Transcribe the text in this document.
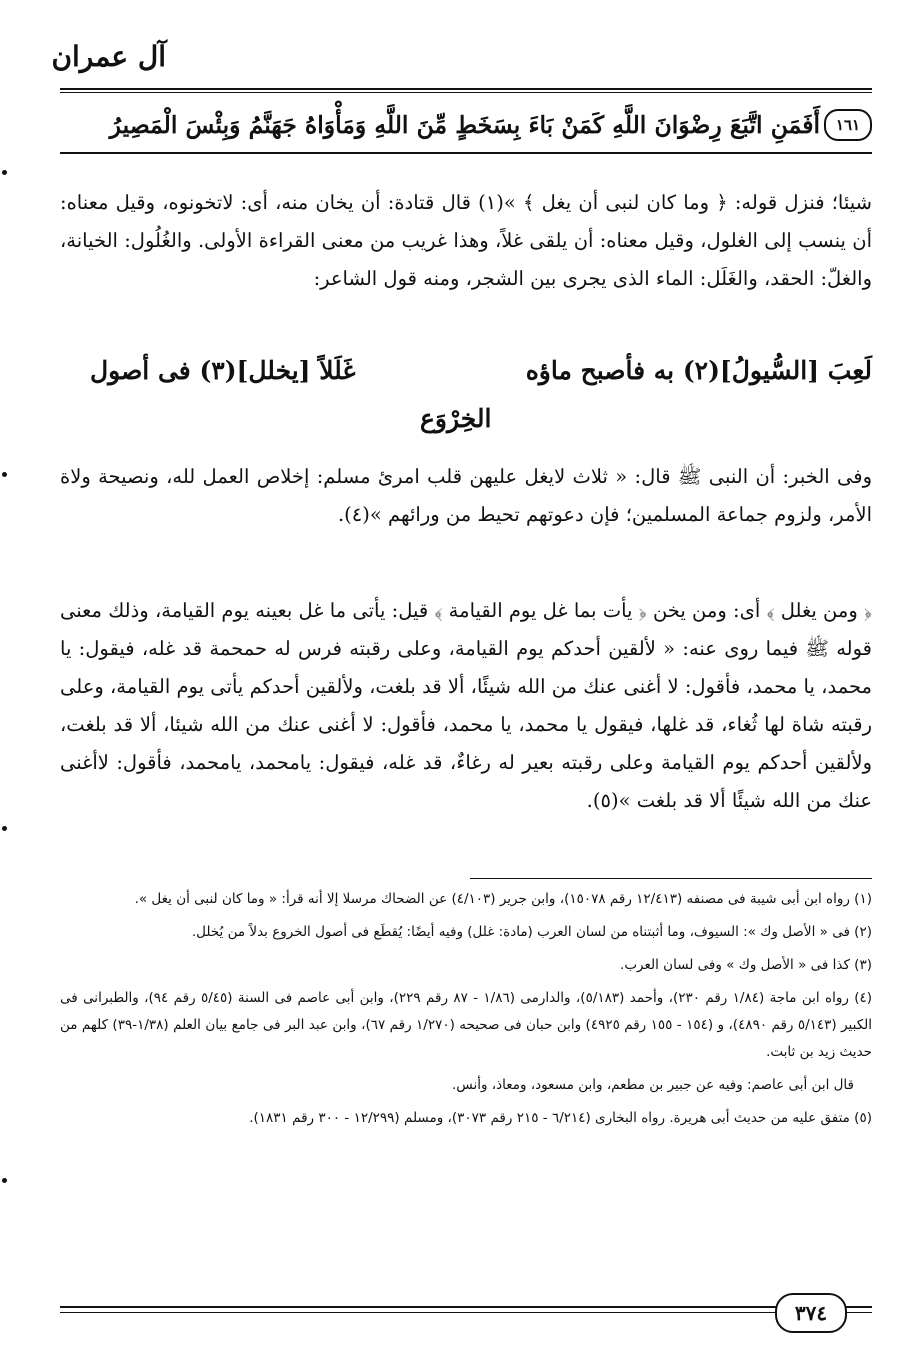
آل عمران
١٦١
أَفَمَنِ اتَّبَعَ رِضْوَانَ اللَّهِ كَمَنْ بَاءَ بِسَخَطٍ مِّنَ اللَّهِ وَمَأْوَاهُ جَهَنَّمُ وَبِئْسَ الْمَصِيرُ

شيئا؛ فنزل قوله: ﴿ وما كان لنبى أن يغل ﴾ »(١) قال قتادة: أن يخان منه، أى: لاتخونوه، وقيل معناه: أن ينسب إلى الغلول، وقيل معناه: أن يلقى غلاً، وهذا غريب من معنى القراءة الأولى. والغُلُول: الخيانة، والغلّ: الحقد، والغَلَل: الماء الذى يجرى بين الشجر، ومنه قول الشاعر:

لَعِبَ [السُّيولُ](٢) به فأصبح ماؤه
غَلَلاً [يخلل](٣) فى أصول
الخِرْوَع

وفى الخبر: أن النبى ﷺ قال: « ثلاث لايغل عليهن قلب امرئ مسلم: إخلاص العمل لله، ونصيحة ولاة الأمر، ولزوم جماعة المسلمين؛ فإن دعوتهم تحيط من ورائهم »(٤).

﴿ ومن يغلل ﴾ أى: ومن يخن ﴿ يأت بما غل يوم القيامة ﴾ قيل: يأتى ما غل بعينه يوم القيامة، وذلك معنى قوله ﷺ فيما روى عنه: « لألقين أحدكم يوم القيامة، وعلى رقبته فرس له حمحمة قد غله، فيقول: يا محمد، يا محمد، فأقول: لا أغنى عنك من الله شيئًا، ألا قد بلغت، ولألقين أحدكم يأتى يوم القيامة، وعلى رقبته شاة لها ثُغاء، قد غلها، فيقول يا محمد، يا محمد، فأقول: لا أغنى عنك من الله شيئا، ألا قد بلغت، ولألقين أحدكم يوم القيامة وعلى رقبته بعير له رغاءٌ، قد غله، فيقول: يامحمد، يامحمد، فأقول: لاأغنى عنك من الله شيئًا ألا قد بلغت »(٥).

(١) رواه ابن أبى شيبة فى مصنفه (١٢/٤١٣ رقم ١٥٠٧٨)، وابن جرير (٤/١٠٣) عن الضحاك مرسلا إلا أنه قرأ: « وما كان لنبى أن يغل ».

(٢) فى « الأصل وك »: السيوف، وما أثبتناه من لسان العرب (مادة: غلل) وفيه أيضًا: يُقطَع فى أصول الخروع بدلاً من يُخلل.

(٣) كذا فى « الأصل وك » وفى لسان العرب.

(٤) رواه ابن ماجة (١/٨٤ رقم ٢٣٠)، وأحمد (٥/١٨٣)، والدارمى (١/٨٦ - ٨٧ رقم ٢٢٩)، وابن أبى عاصم فى السنة (٥/٤٥ رقم ٩٤)، والطبرانى فى الكبير (٥/١٤٣ رقم ٤٨٩٠)، و (١٥٤ - ١٥٥ رقم ٤٩٢٥) وابن حبان فى صحيحه (١/٢٧٠ رقم ٦٧)، وابن عبد البر فى جامع بيان العلم (١/٣٨-٣٩) كلهم من حديث زيد بن ثابت.

قال ابن أبى عاصم: وفيه عن جبير بن مطعم، وابن مسعود، ومعاذ، وأنس.

(٥) متفق عليه من حديث أبى هريرة. رواه البخارى (٦/٢١٤ - ٢١٥ رقم ٣٠٧٣)، ومسلم (١٢/٢٩٩ - ٣٠٠ رقم ١٨٣١).

٣٧٤
